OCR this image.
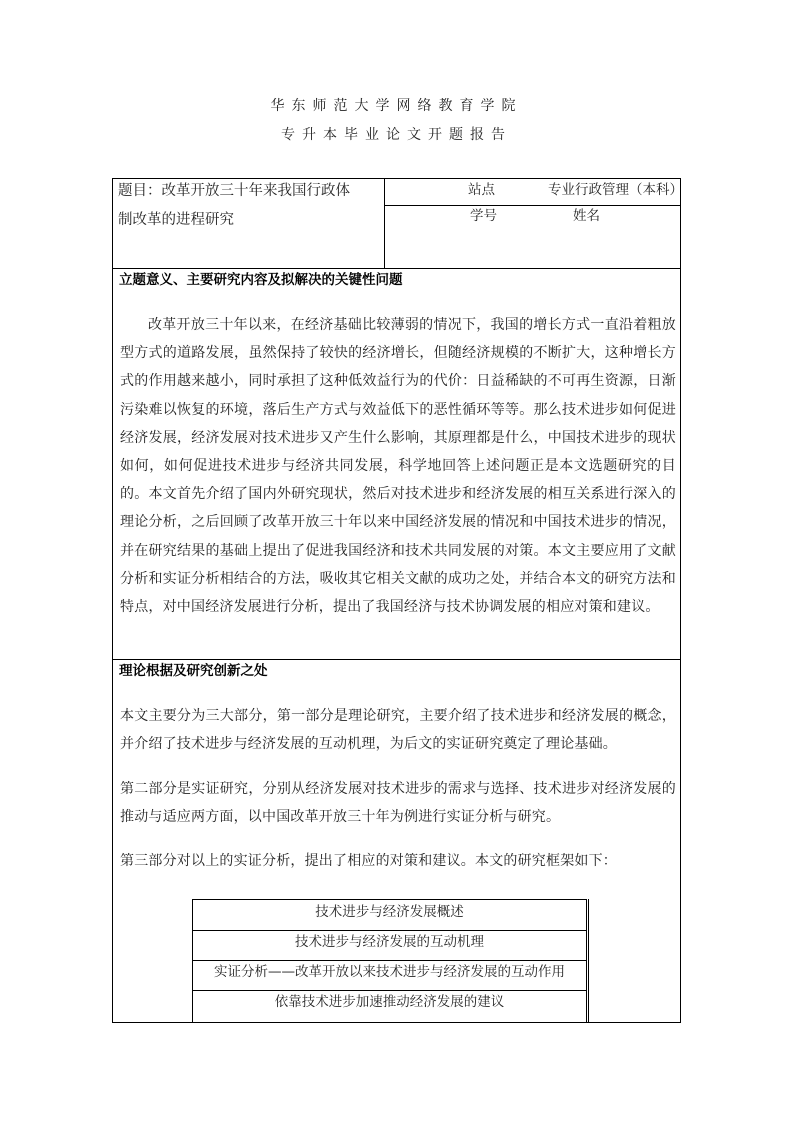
华东师范大学网络教育学院
专升本毕业论文开题报告
题目：改革开放三十年来我国行政体
制改革的进程研究
站点	专业行政管理（本科）
学号	姓名
立题意义、主要研究内容及拟解决的关键性问题
改革开放三十年以来，在经济基础比较薄弱的情况下，我国的增长方式一直沿着粗放型方式的道路发展，虽然保持了较快的经济增长，但随经济规模的不断扩大，这种增长方式的作用越来越小，同时承担了这种低效益行为的代价：日益稀缺的不可再生资源，日渐污染难以恢复的环境，落后生产方式与效益低下的恶性循环等等。那么技术进步如何促进经济发展，经济发展对技术进步又产生什么影响，其原理都是什么，中国技术进步的现状如何，如何促进技术进步与经济共同发展，科学地回答上述问题正是本文选题研究的目的。本文首先介绍了国内外研究现状，然后对技术进步和经济发展的相互关系进行深入的理论分析，之后回顾了改革开放三十年以来中国经济发展的情况和中国技术进步的情况，并在研究结果的基础上提出了促进我国经济和技术共同发展的对策。本文主要应用了文献分析和实证分析相结合的方法，吸收其它相关文献的成功之处，并结合本文的研究方法和特点，对中国经济发展进行分析，提出了我国经济与技术协调发展的相应对策和建议。
理论根据及研究创新之处
本文主要分为三大部分，第一部分是理论研究，主要介绍了技术进步和经济发展的概念，并介绍了技术进步与经济发展的互动机理，为后文的实证研究奠定了理论基础。
第二部分是实证研究，分别从经济发展对技术进步的需求与选择、技术进步对经济发展的推动与适应两方面，以中国改革开放三十年为例进行实证分析与研究。
第三部分对以上的实证分析，提出了相应的对策和建议。本文的研究框架如下：
技术进步与经济发展概述
技术进步与经济发展的互动机理
实证分析——改革开放以来技术进步与经济发展的互动作用
依靠技术进步加速推动经济发展的建议
